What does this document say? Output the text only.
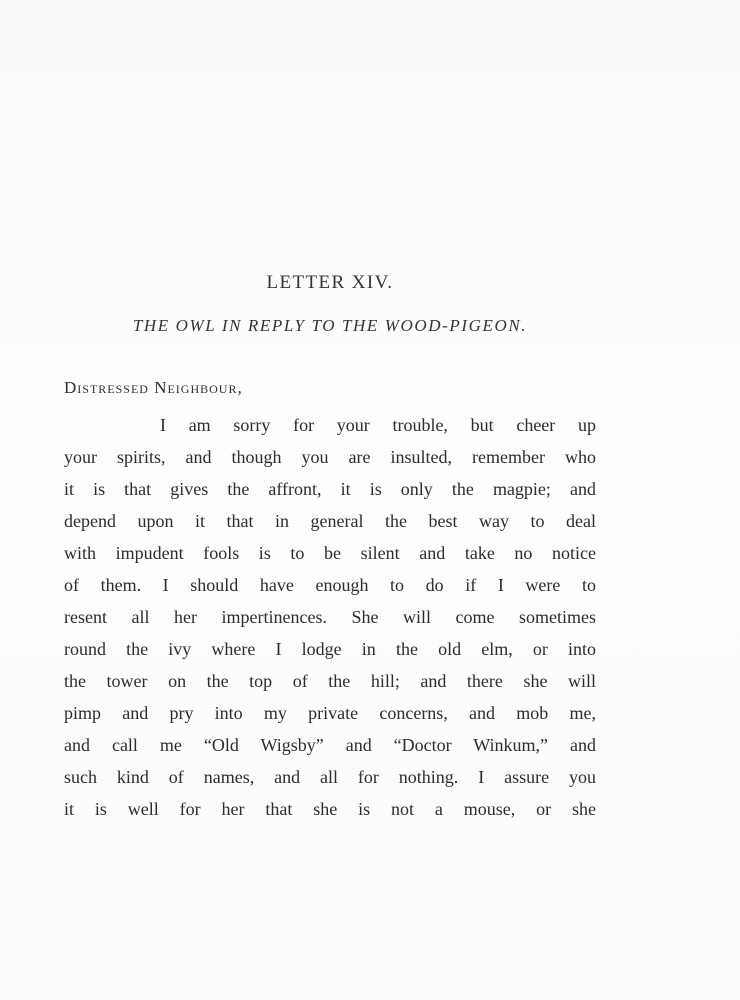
LETTER XIV.
THE OWL IN REPLY TO THE WOOD-PIGEON.
Distressed Neighbour,
I am sorry for your trouble, but cheer up
your spirits, and though you are insulted, remember who
it is that gives the affront, it is only the magpie; and
depend upon it that in general the best way to deal
with impudent fools is to be silent and take no notice
of them. I should have enough to do if I were to
resent all her impertinences. She will come sometimes
round the ivy where I lodge in the old elm, or into
the tower on the top of the hill; and there she will
pimp and pry into my private concerns, and mob me,
and call me “Old Wigsby” and “Doctor Winkum,” and
such kind of names, and all for nothing. I assure you
it is well for her that she is not a mouse, or she
